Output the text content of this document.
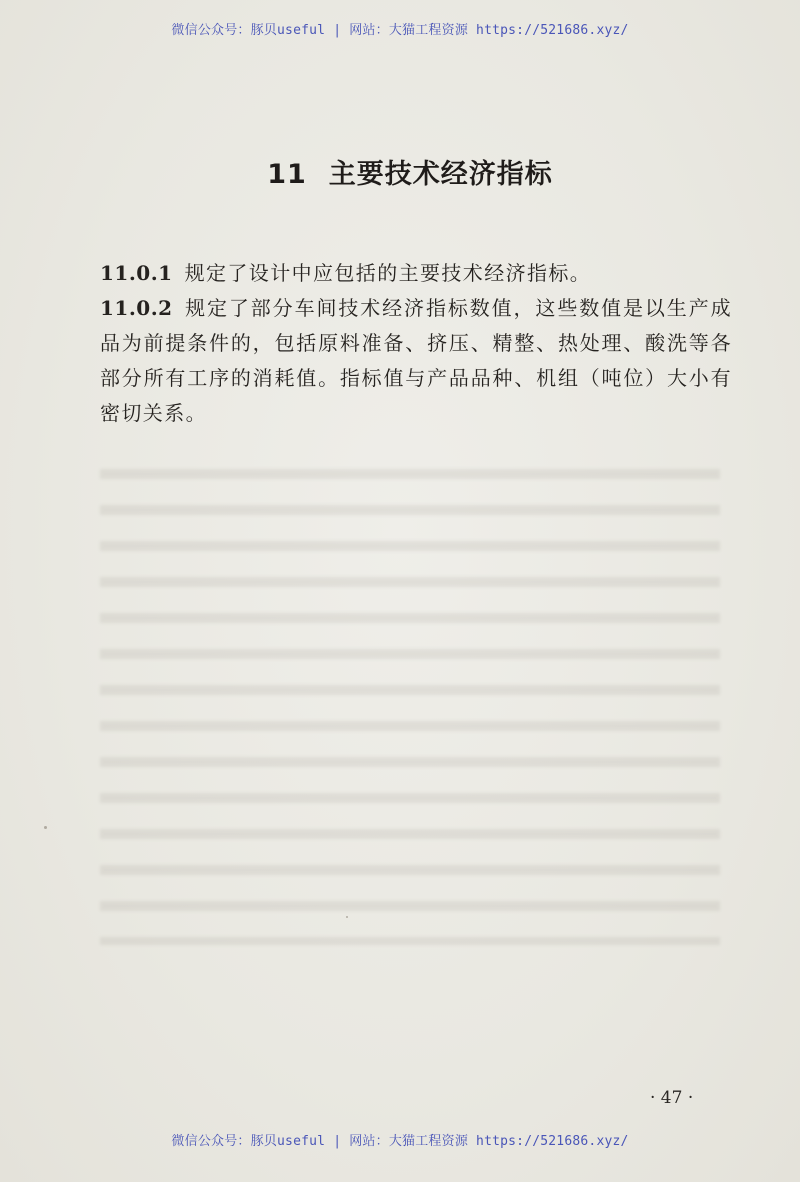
微信公众号：豚贝useful | 网站：大猫工程资源 https://521686.xyz/
11 主要技术经济指标

11.0.1 规定了设计中应包括的主要技术经济指标。

11.0.2 规定了部分车间技术经济指标数值，这些数值是以生产成品为前提条件的，包括原料准备、挤压、精整、热处理、酸洗等各部分所有工序的消耗值。指标值与产品品种、机组（吨位）大小有密切关系。

· 47 ·
微信公众号：豚贝useful | 网站：大猫工程资源 https://521686.xyz/
